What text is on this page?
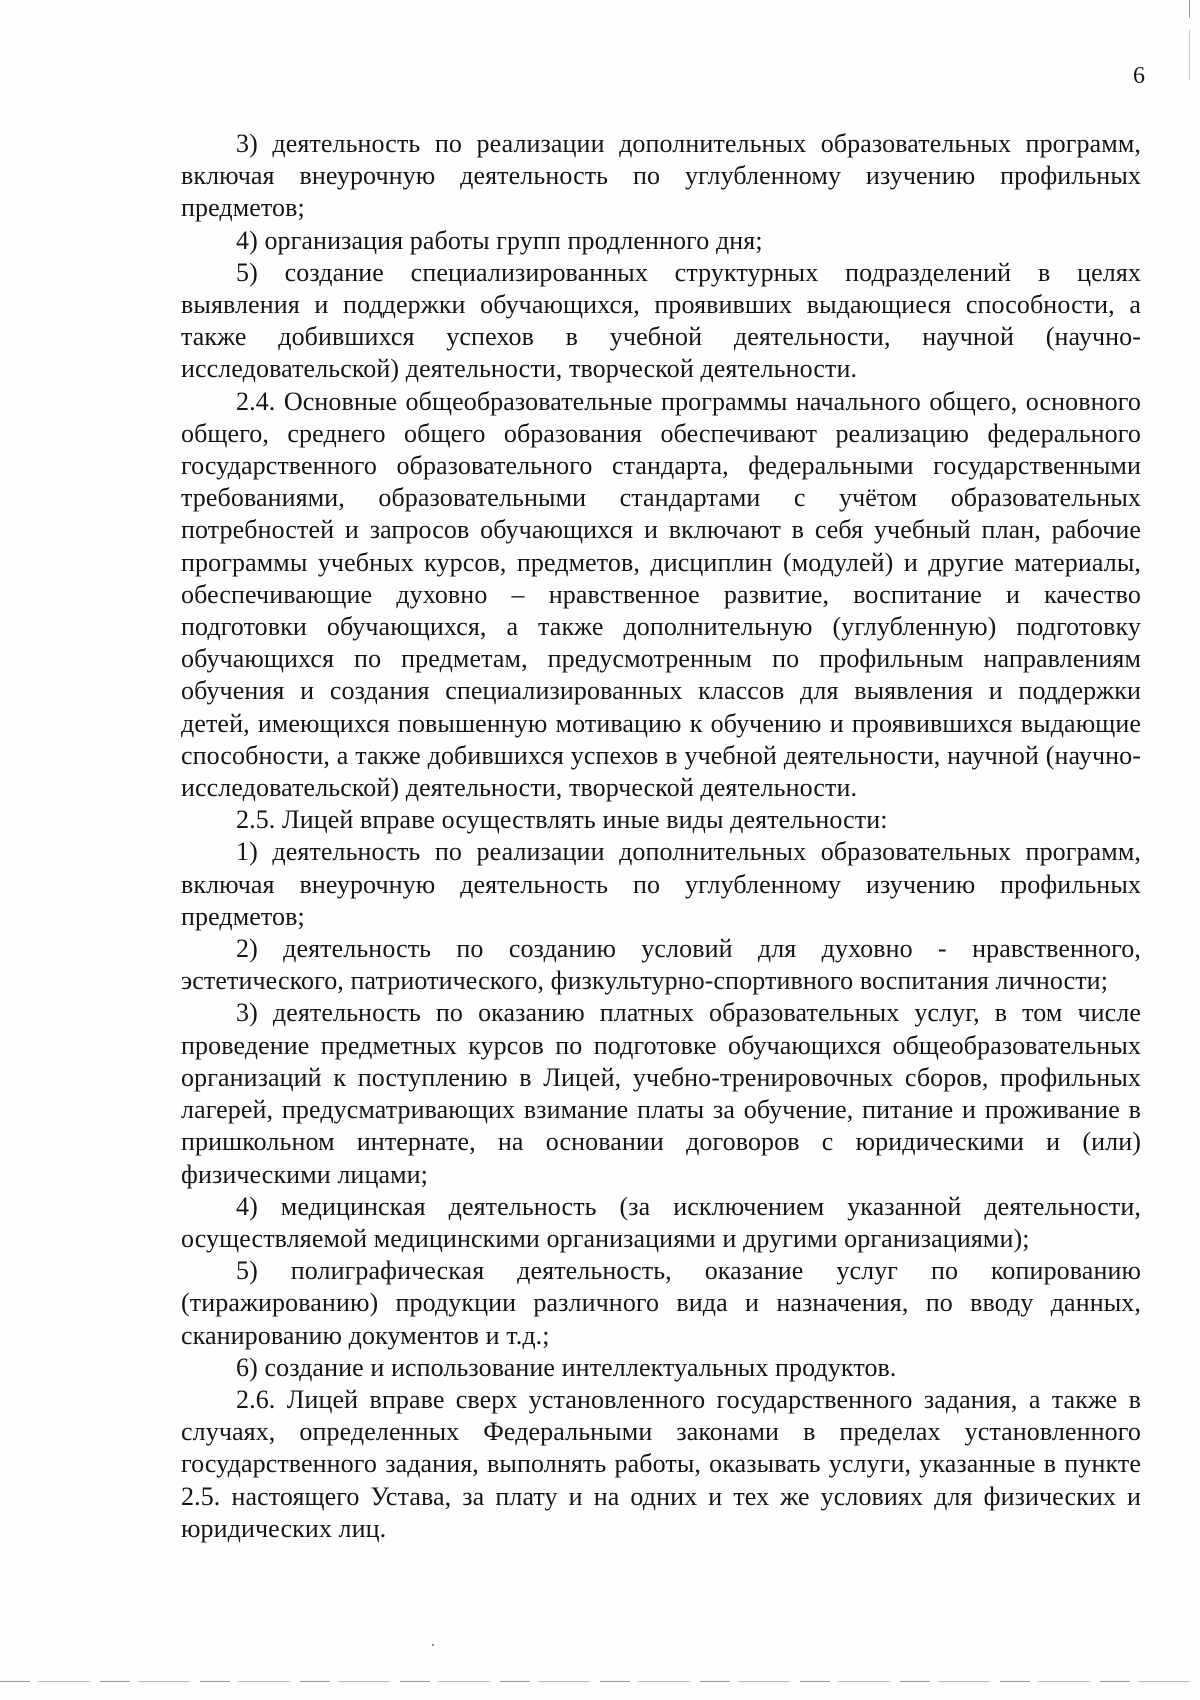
6

3) деятельность по реализации дополнительных образовательных программ, включая внеурочную деятельность по углубленному изучению профильных предметов;

4) организация работы групп продленного дня;

5) создание специализированных структурных подразделений в целях выявления и поддержки обучающихся, проявивших выдающиеся способности, а также добившихся успехов в учебной деятельности, научной (научно-исследовательской) деятельности, творческой деятельности.

2.4. Основные общеобразовательные программы начального общего, основного общего, среднего общего образования обеспечивают реализацию федерального государственного образовательного стандарта, федеральными государственными требованиями, образовательными стандартами с учётом образовательных потребностей и запросов обучающихся и включают в себя учебный план, рабочие программы учебных курсов, предметов, дисциплин (модулей) и другие материалы, обеспечивающие духовно – нравственное развитие, воспитание и качество подготовки обучающихся, а также дополнительную (углубленную) подготовку обучающихся по предметам, предусмотренным по профильным направлениям обучения и создания специализированных классов для выявления и поддержки детей, имеющихся повышенную мотивацию к обучению и проявившихся выдающие способности, а также добившихся успехов в учебной деятельности, научной (научно-исследовательской) деятельности, творческой деятельности.

2.5. Лицей вправе осуществлять иные виды деятельности:

1) деятельность по реализации дополнительных образовательных программ, включая внеурочную деятельность по углубленному изучению профильных предметов;

2) деятельность по созданию условий для духовно - нравственного, эстетического, патриотического, физкультурно-спортивного воспитания личности;

3) деятельность по оказанию платных образовательных услуг, в том числе проведение предметных курсов по подготовке обучающихся общеобразовательных организаций к поступлению в Лицей, учебно-тренировочных сборов, профильных лагерей, предусматривающих взимание платы за обучение, питание и проживание в пришкольном интернате, на основании договоров с юридическими и (или) физическими лицами;

4) медицинская деятельность (за исключением указанной деятельности, осуществляемой медицинскими организациями и другими организациями);

5) полиграфическая деятельность, оказание услуг по копированию (тиражированию) продукции различного вида и назначения, по вводу данных, сканированию документов и т.д.;

6) создание и использование интеллектуальных продуктов.

2.6. Лицей вправе сверх установленного государственного задания, а также в случаях, определенных Федеральными законами в пределах установленного государственного задания, выполнять работы, оказывать услуги, указанные в пункте 2.5. настоящего Устава, за плату и на одних и тех же условиях для физических и юридических лиц.
